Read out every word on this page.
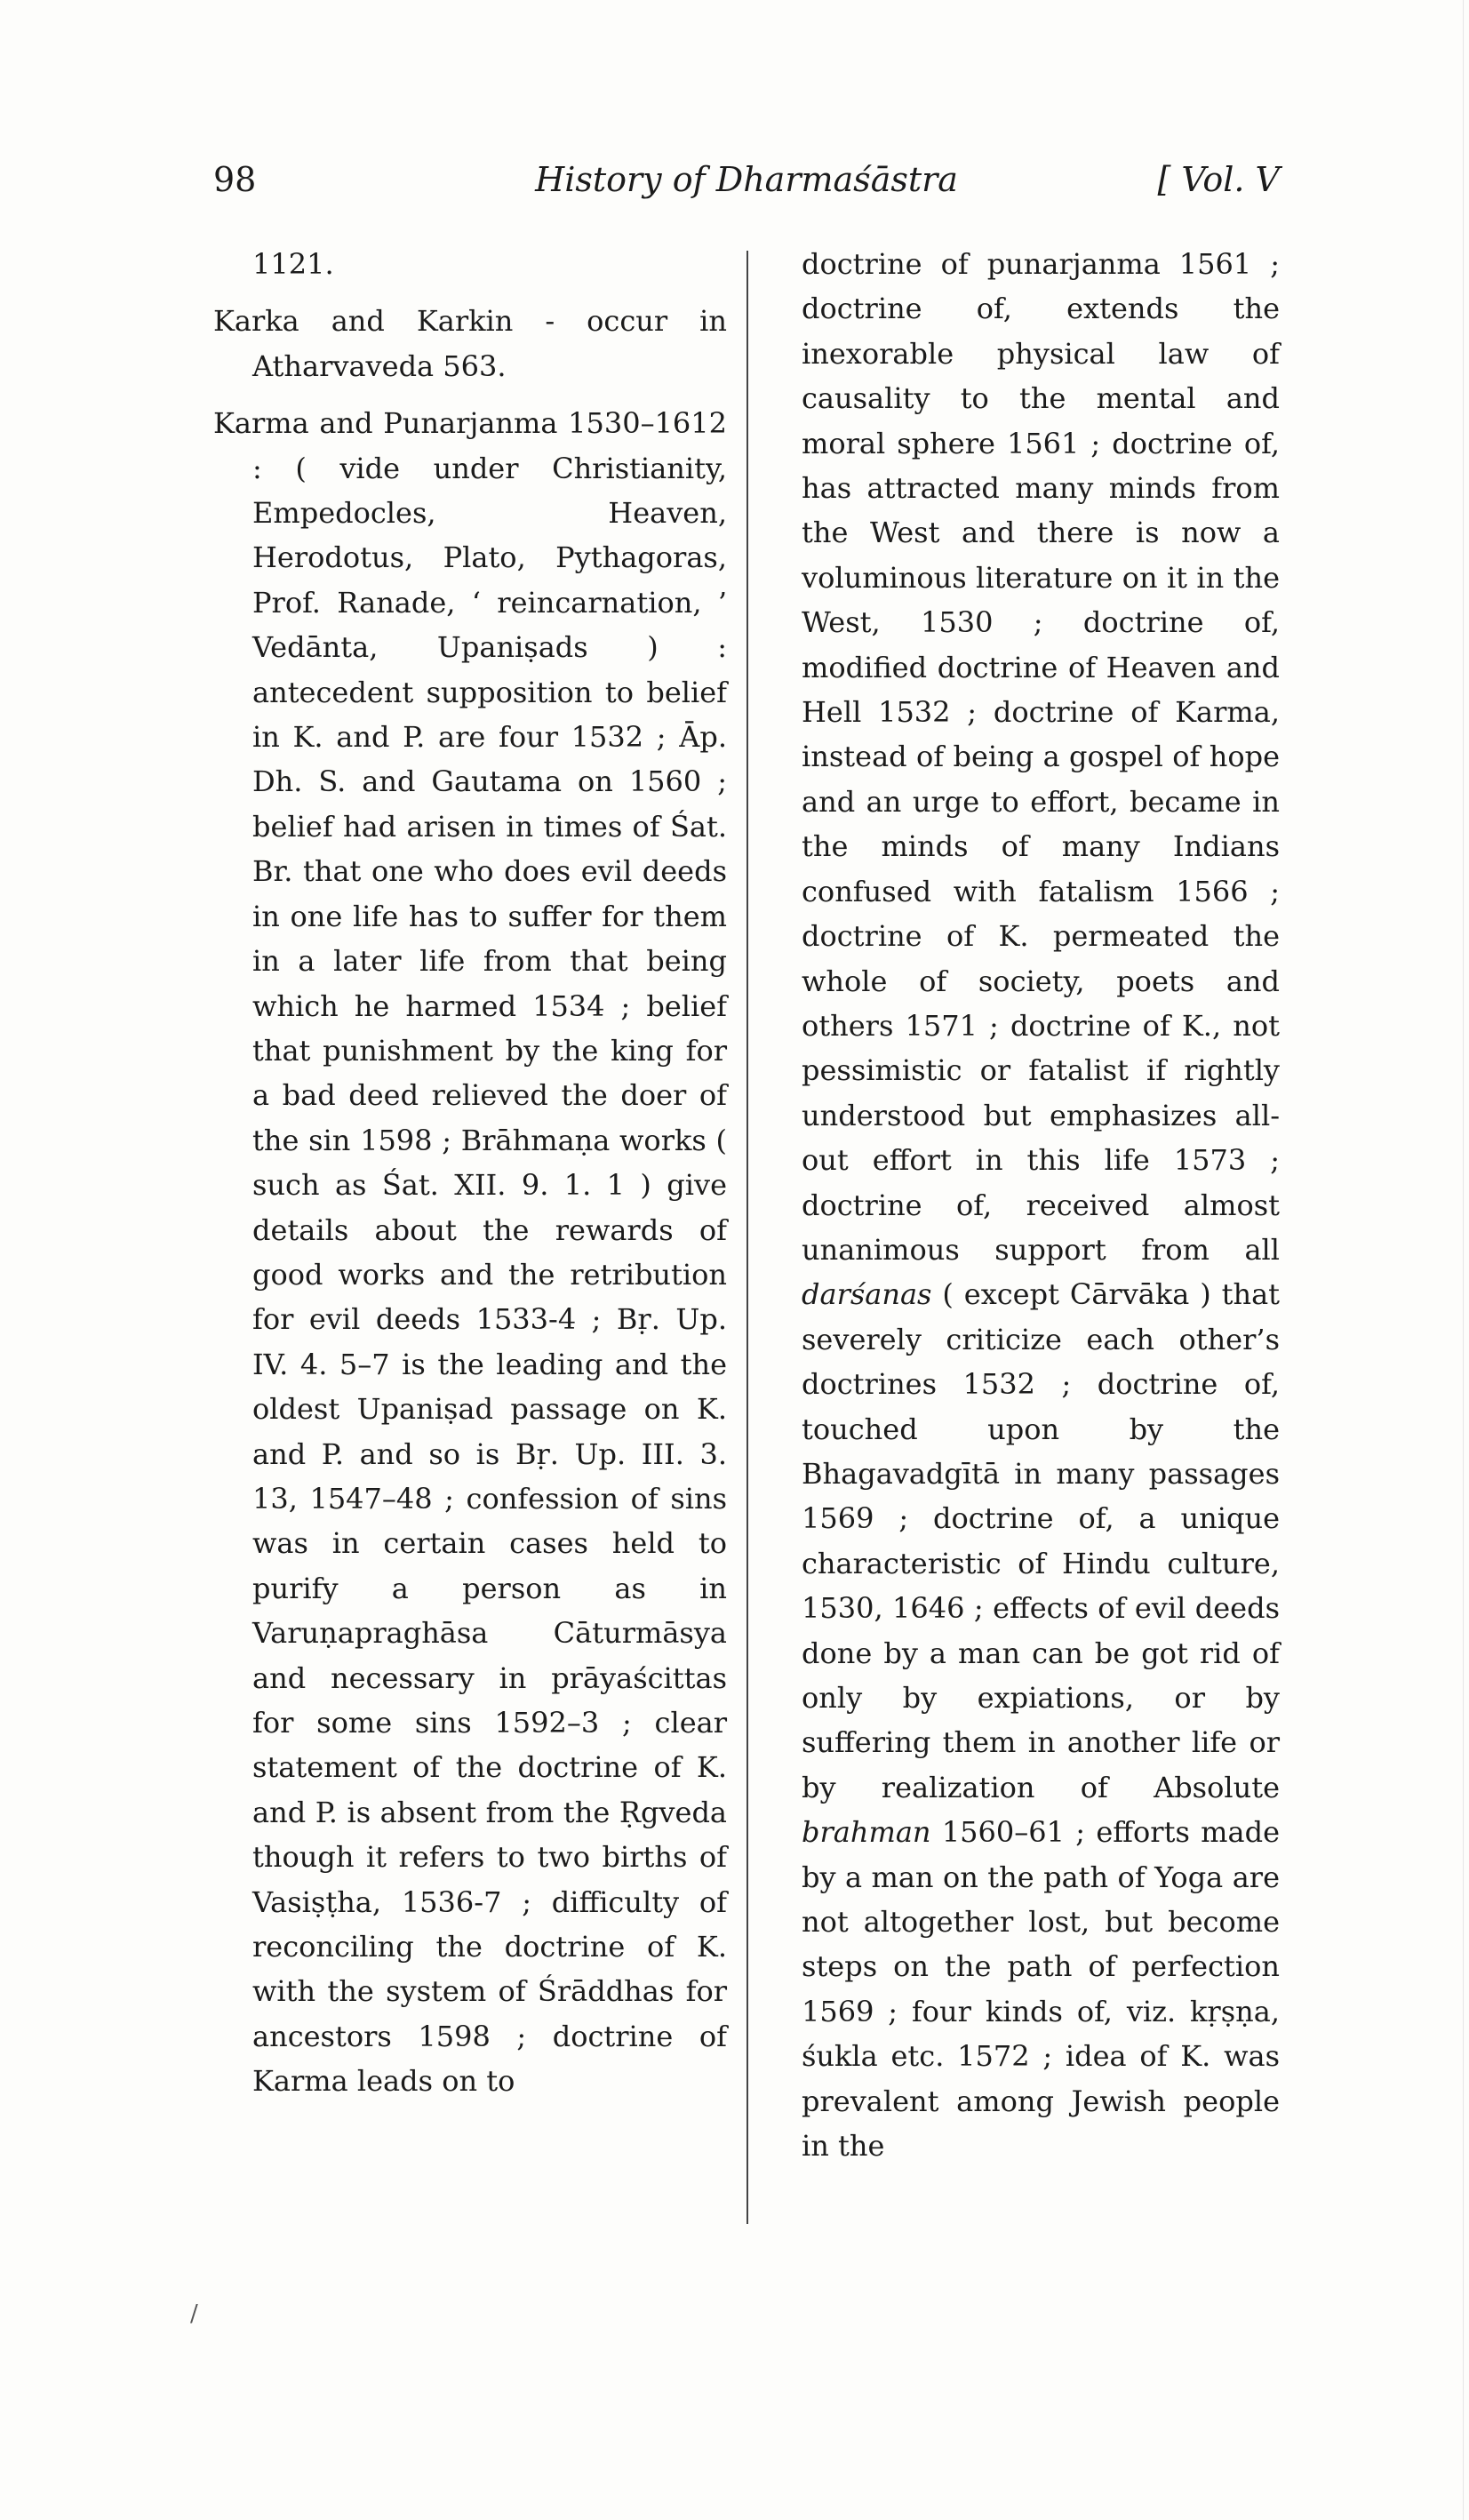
98	History of Dharmaśāstra	[ Vol. V
1121.

Karka and Karkin - occur in Atharvaveda 563.

Karma and Punarjanma 1530–1612 : ( vide under Christianity, Empedocles, Heaven, Herodotus, Plato, Pythagoras, Prof. Ranade, ‘ reincarnation, ’ Vedānta, Upaniṣads ) : antecedent supposition to belief in K. and P. are four 1532 ; Āp. Dh. S. and Gautama on 1560 ; belief had arisen in times of Śat. Br. that one who does evil deeds in one life has to suffer for them in a later life from that being which he harmed 1534 ; belief that punishment by the king for a bad deed relieved the doer of the sin 1598 ; Brāhmaṇa works ( such as Śat. XII. 9. 1. 1 ) give details about the rewards of good works and the retribution for evil deeds 1533-4 ; Bṛ. Up. IV. 4. 5–7 is the leading and the oldest Upaniṣad passage on K. and P. and so is Bṛ. Up. III. 3. 13, 1547–48 ; confession of sins was in certain cases held to purify a person as in Varuṇapraghāsa Cāturmāsya and necessary in prāyaścittas for some sins 1592–3 ; clear statement of the doctrine of K. and P. is absent from the Ṛgveda though it refers to two births of Vasiṣṭha, 1536-7 ; difficulty of reconciling the doctrine of K. with the system of Śrāddhas for ancestors 1598 ; doctrine of Karma leads on to

doctrine of punarjanma 1561 ; doctrine of, extends the inexorable physical law of causality to the mental and moral sphere 1561 ; doctrine of, has attracted many minds from the West and there is now a voluminous literature on it in the West, 1530 ; doctrine of, modified doctrine of Heaven and Hell 1532 ; doctrine of Karma, instead of being a gospel of hope and an urge to effort, became in the minds of many Indians confused with fatalism 1566 ; doctrine of K. permeated the whole of society, poets and others 1571 ; doctrine of K., not pessimistic or fatalist if rightly understood but emphasizes all-out effort in this life 1573 ; doctrine of, received almost unanimous support from all darśanas ( except Cārvāka ) that severely criticize each other’s doctrines 1532 ; doctrine of, touched upon by the Bhagavadgītā in many passages 1569 ; doctrine of, a unique characteristic of Hindu culture, 1530, 1646 ; effects of evil deeds done by a man can be got rid of only by expiations, or by suffering them in another life or by realization of Absolute brahman 1560–61 ; efforts made by a man on the path of Yoga are not altogether lost, but become steps on the path of perfection 1569 ; four kinds of, viz. kṛṣṇa, śukla etc. 1572 ; idea of K. was prevalent among Jewish people in the

/
